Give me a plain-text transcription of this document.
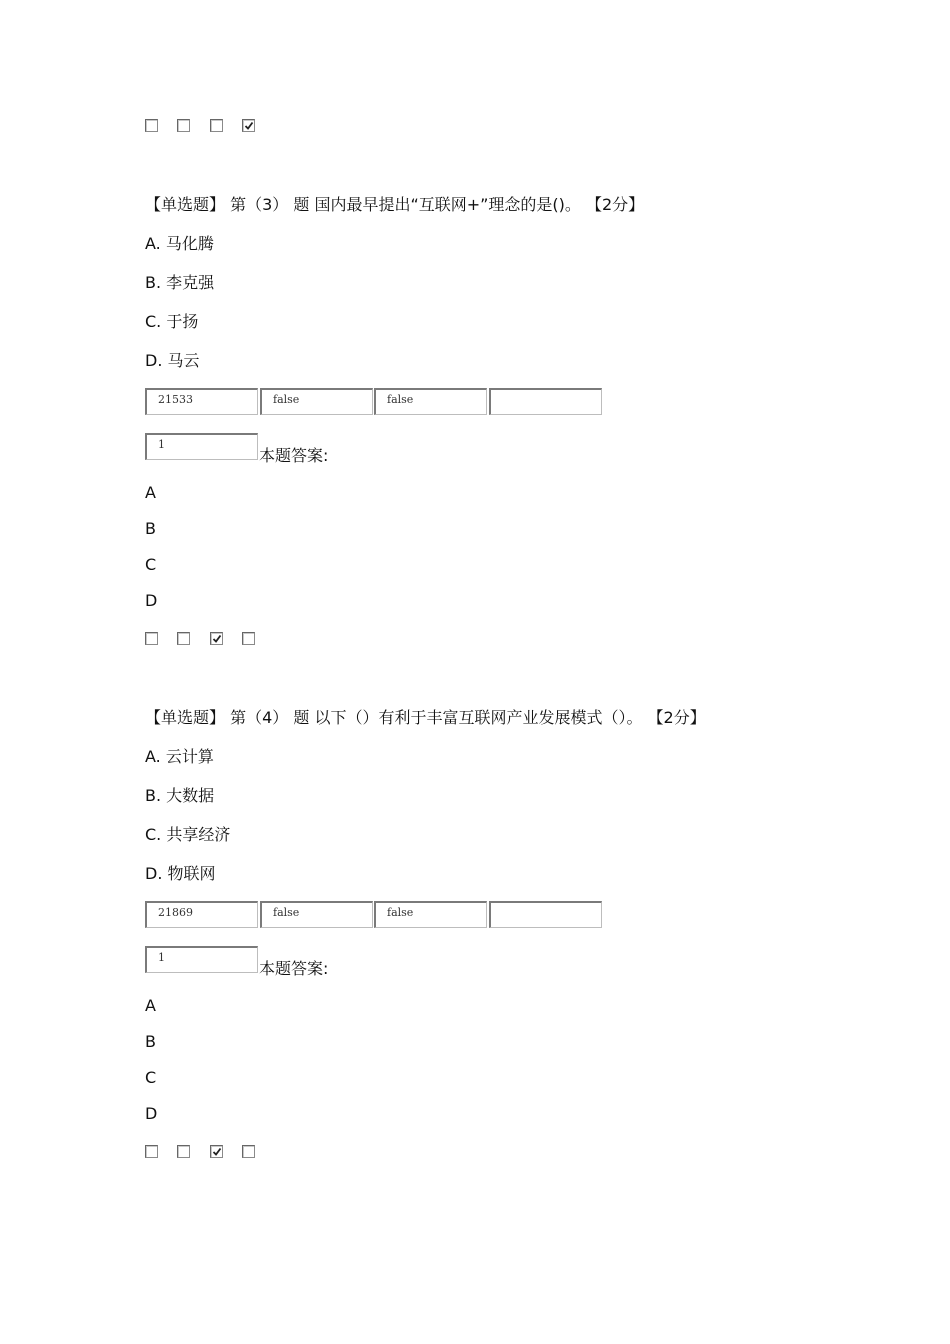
【单选题】 第（3） 题 国内最早提出“互联网+”理念的是()。 【2分】
A. 马化腾
B. 李克强
C. 于扬
D. 马云
21533	false	false
1
本题答案:
A
B
C
D
【单选题】 第（4） 题 以下（）有利于丰富互联网产业发展模式（）。 【2分】
A. 云计算
B. 大数据
C. 共享经济
D. 物联网
21869	false	false
1
本题答案:
A
B
C
D
